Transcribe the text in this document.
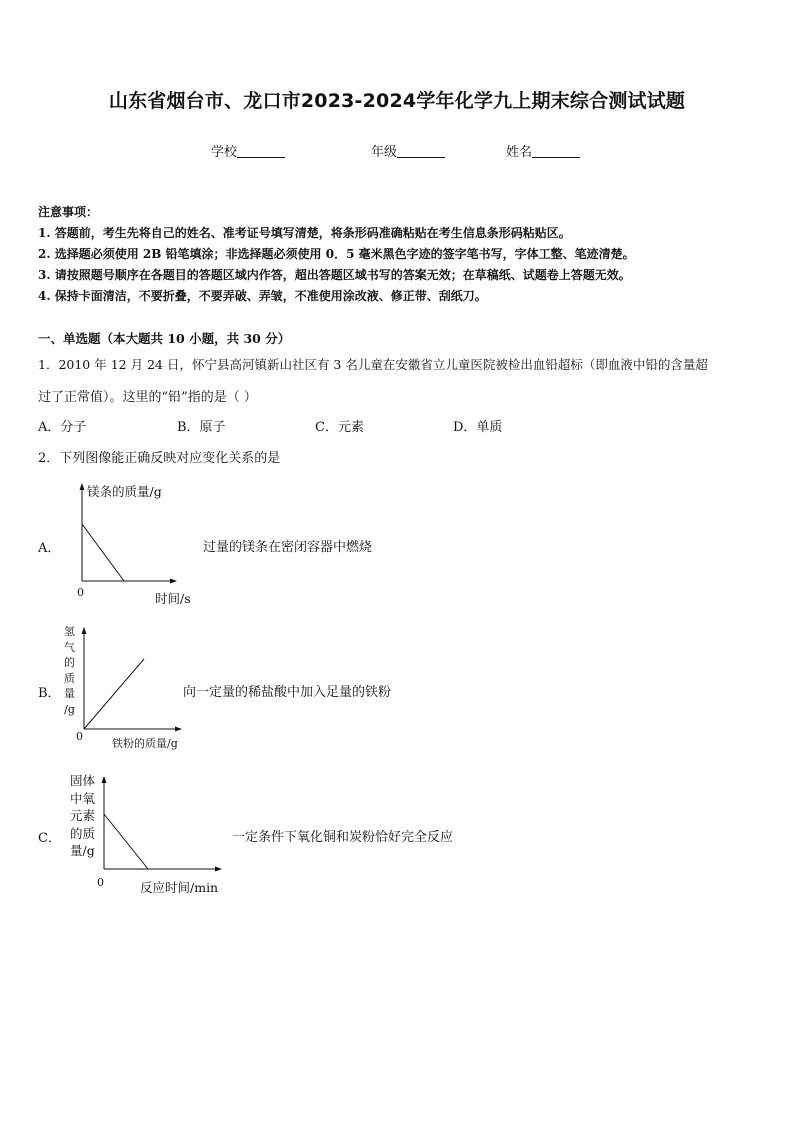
山东省烟台市、龙口市2023-2024学年化学九上期末综合测试试题
学校	年级	姓名
注意事项：
1. 答题前，考生先将自己的姓名、准考证号填写清楚，将条形码准确粘贴在考生信息条形码粘贴区。
2. 选择题必须使用 2B 铅笔填涂；非选择题必须使用 0．5 毫米黑色字迹的签字笔书写，字体工整、笔迹清楚。
3. 请按照题号顺序在各题目的答题区域内作答，超出答题区域书写的答案无效；在草稿纸、试题卷上答题无效。
4. 保持卡面清洁，不要折叠，不要弄破、弄皱，不准使用涂改液、修正带、刮纸刀。
一、单选题（本大题共 10 小题，共 30 分）
1．2010 年 12 月 24 日，怀宁县高河镇新山社区有 3 名儿童在安徽省立儿童医院被检出血铅超标（即血液中铅的含量超
过了正常值）。这里的“铅”指的是（ ）
A．分子	B．原子	C．元素	D．单质
2．下列图像能正确反映对应变化关系的是
A．
镁条的质量/g
0	时间/s
过量的镁条在密闭容器中燃烧
B．
氢
气
的
质
量
/g
0
铁粉的质量/g
向一定量的稀盐酸中加入足量的铁粉
C．
固体
中氧
元素
的质
量/g
0	反应时间/min
一定条件下氧化铜和炭粉恰好完全反应
